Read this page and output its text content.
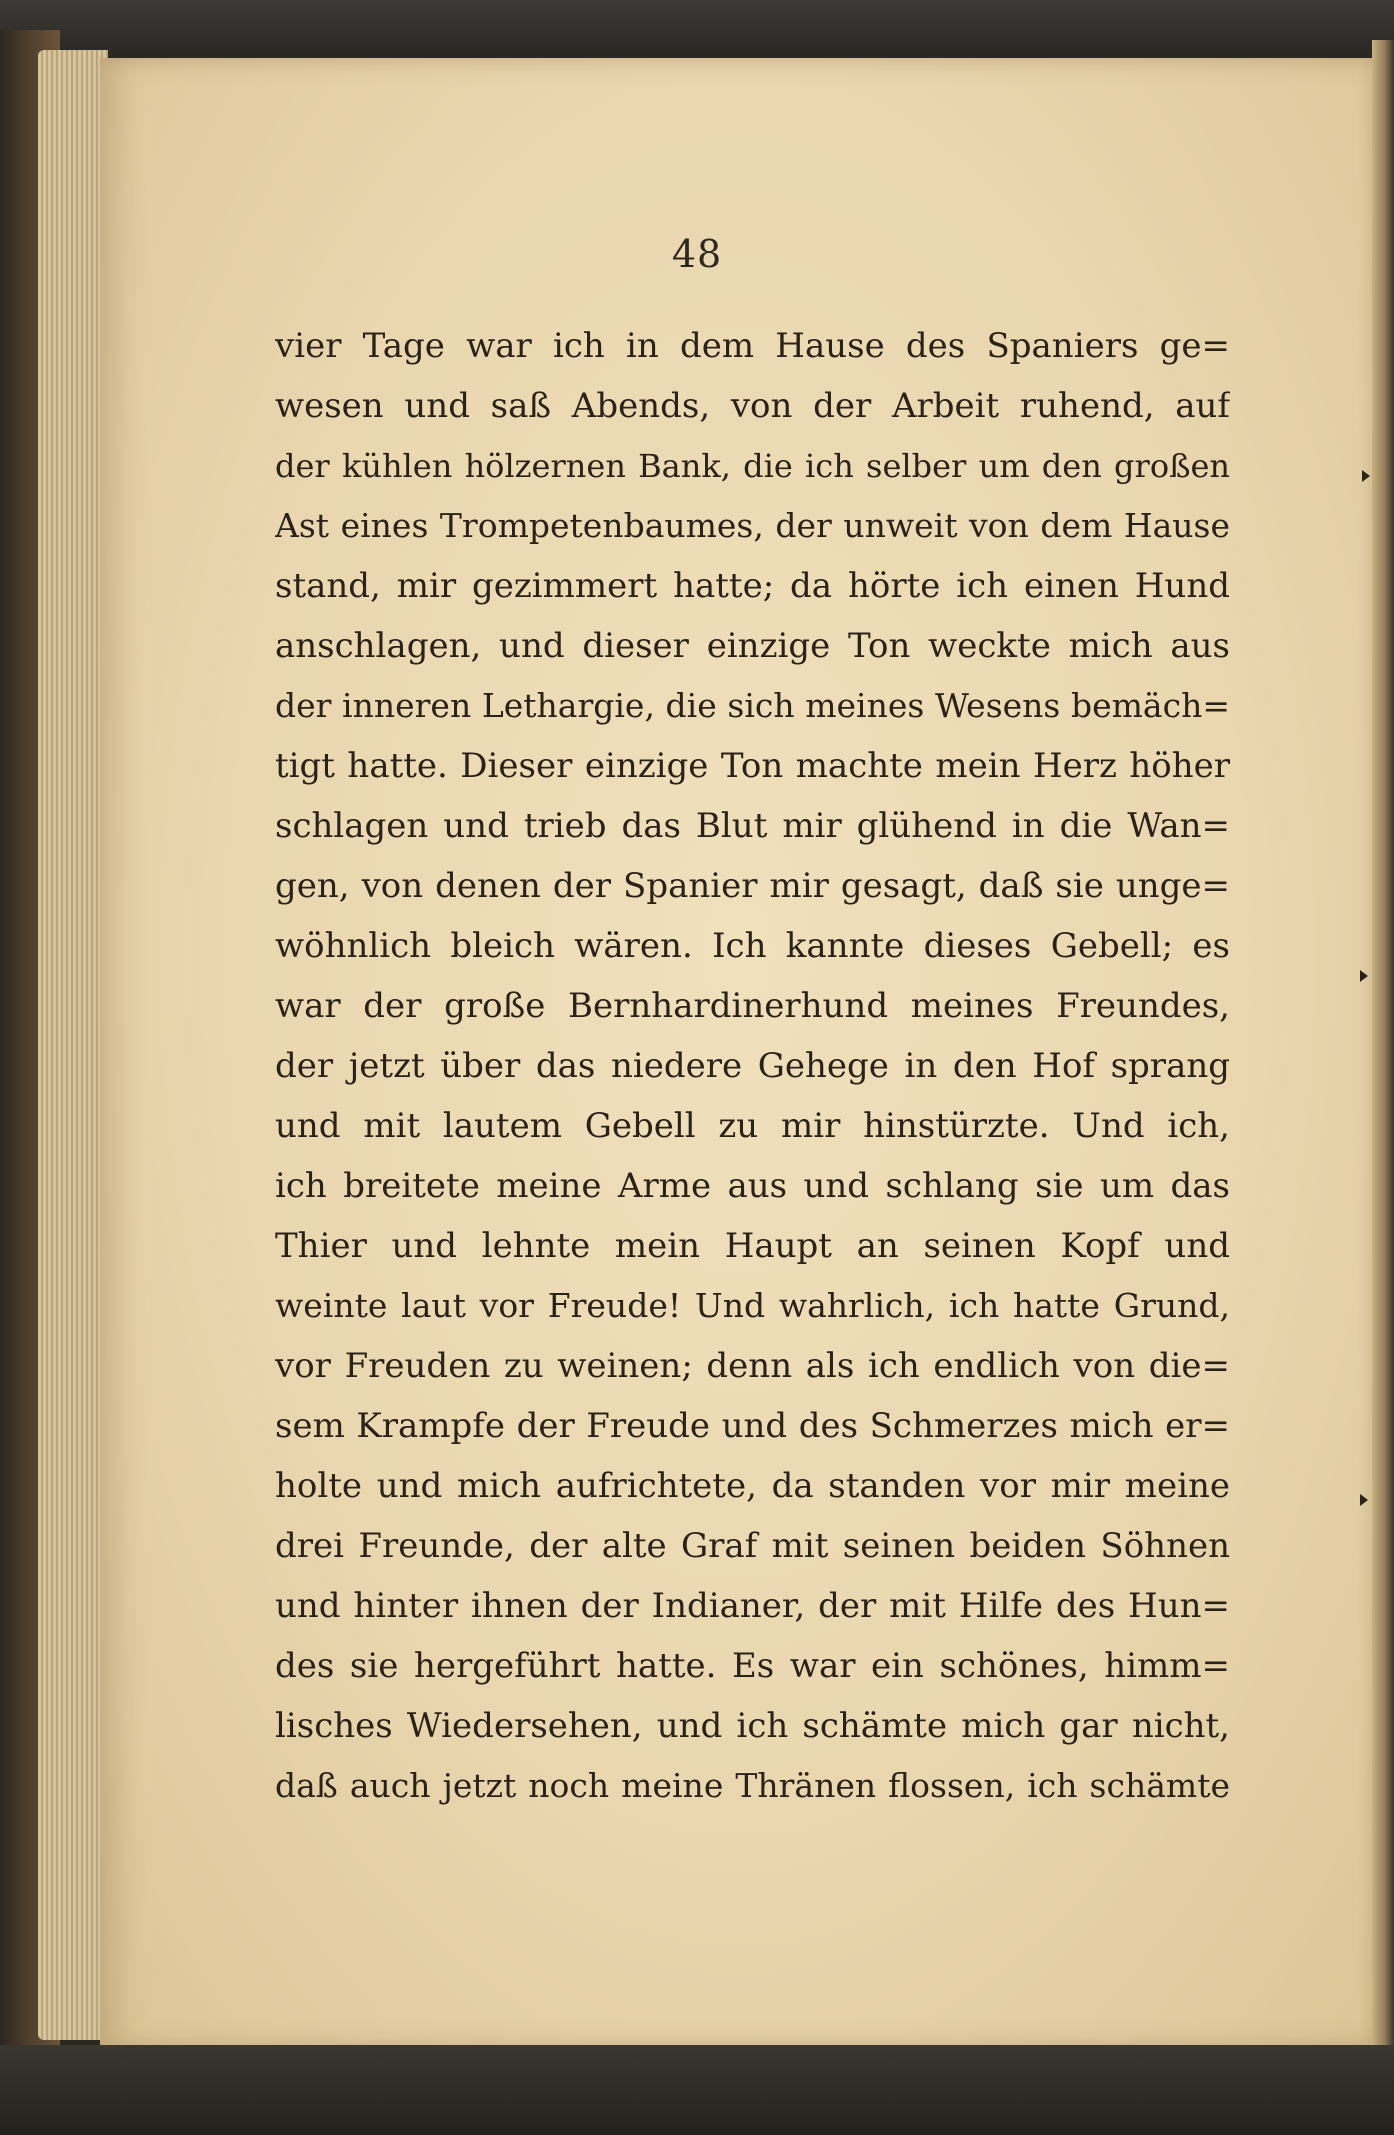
48
vier Tage war ich in dem Hause des Spaniers ge=
wesen und saß Abends, von der Arbeit ruhend, auf
der kühlen hölzernen Bank, die ich selber um den großen
Ast eines Trompetenbaumes, der unweit von dem Hause
stand, mir gezimmert hatte; da hörte ich einen Hund
anschlagen, und dieser einzige Ton weckte mich aus
der inneren Lethargie, die sich meines Wesens bemäch=
tigt hatte. Dieser einzige Ton machte mein Herz höher
schlagen und trieb das Blut mir glühend in die Wan=
gen, von denen der Spanier mir gesagt, daß sie unge=
wöhnlich bleich wären. Ich kannte dieses Gebell; es
war der große Bernhardinerhund meines Freundes,
der jetzt über das niedere Gehege in den Hof sprang
und mit lautem Gebell zu mir hinstürzte. Und ich,
ich breitete meine Arme aus und schlang sie um das
Thier und lehnte mein Haupt an seinen Kopf und
weinte laut vor Freude! Und wahrlich, ich hatte Grund,
vor Freuden zu weinen; denn als ich endlich von die=
sem Krampfe der Freude und des Schmerzes mich er=
holte und mich aufrichtete, da standen vor mir meine
drei Freunde, der alte Graf mit seinen beiden Söhnen
und hinter ihnen der Indianer, der mit Hilfe des Hun=
des sie hergeführt hatte. Es war ein schönes, himm=
lisches Wiedersehen, und ich schämte mich gar nicht,
daß auch jetzt noch meine Thränen flossen, ich schämte
